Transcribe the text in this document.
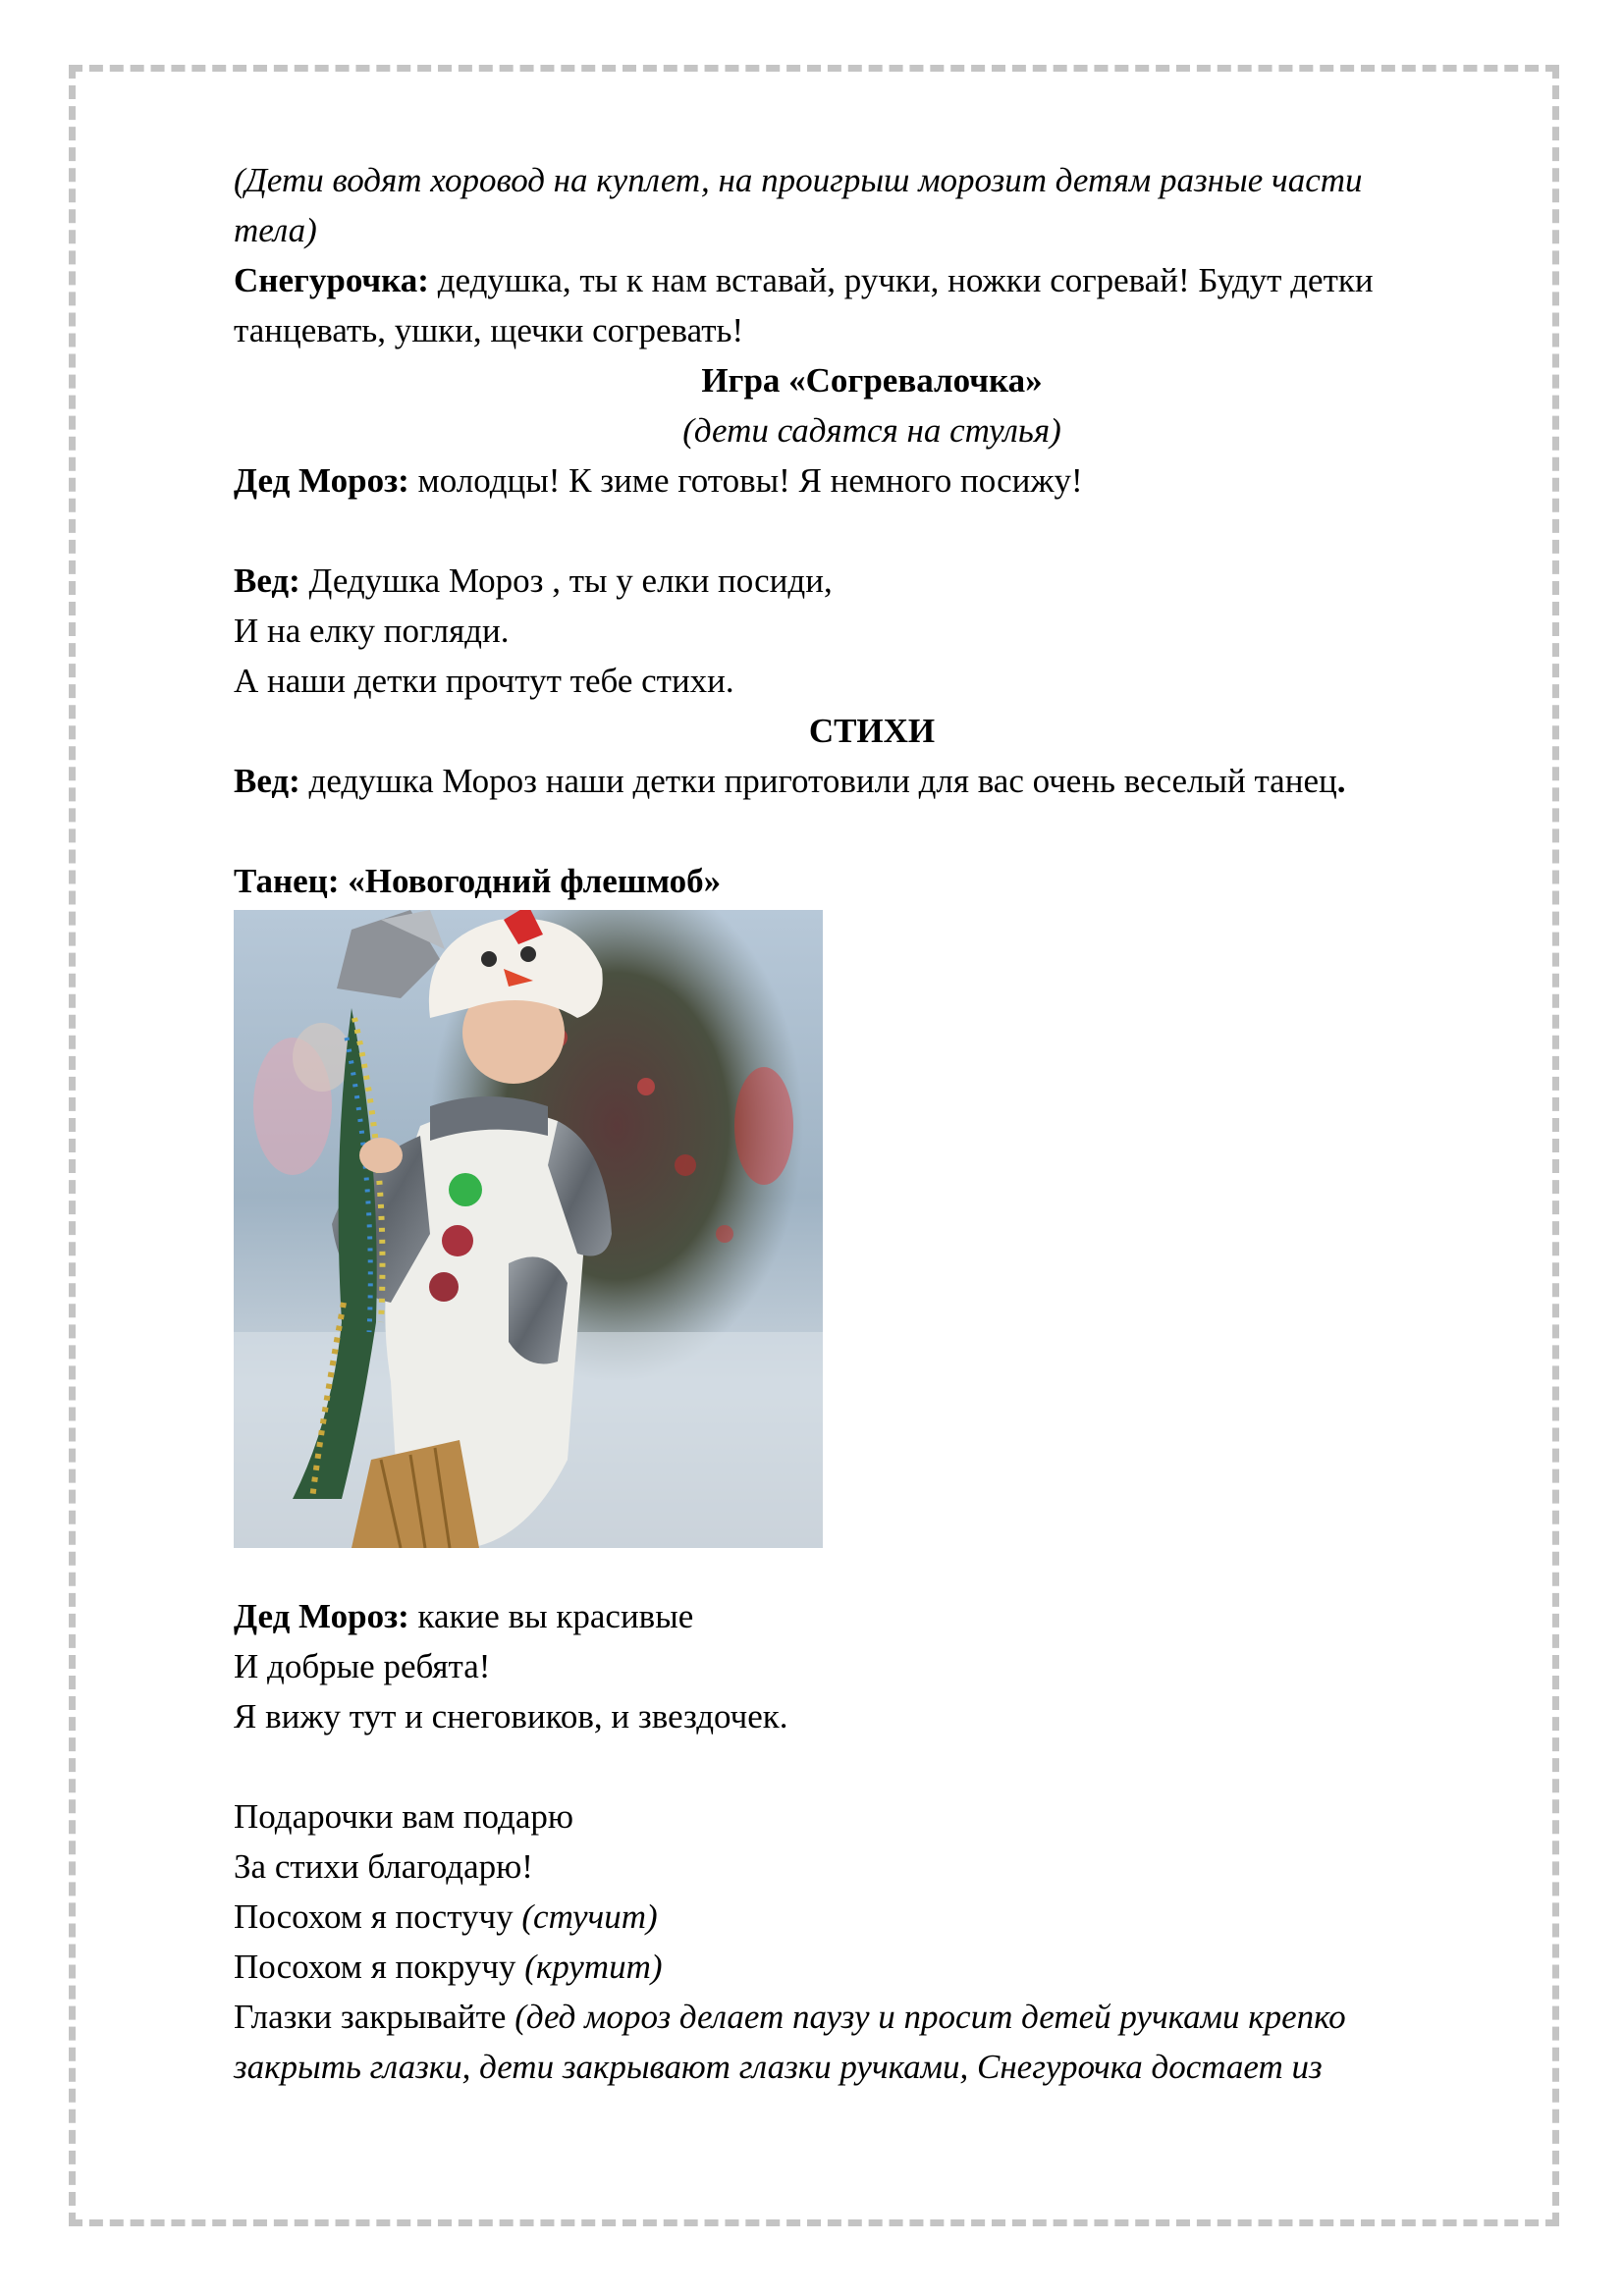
(Дети водят хоровод на куплет, на проигрыш морозит детям разные части
тела)
Снегурочка: дедушка, ты к нам вставай, ручки, ножки согревай! Будут детки
танцевать, ушки, щечки согревать!
Игра «Согревалочка»
(дети садятся на стулья)
Дед Мороз: молодцы! К зиме готовы! Я немного посижу!
Вед: Дедушка Мороз , ты у елки посиди,
И на елку погляди.
А наши детки прочтут тебе стихи.
СТИХИ
Вед: дедушка Мороз наши детки приготовили для вас очень веселый танец.
Танец: «Новогодний флешмоб»
Дед Мороз: какие вы красивые
И добрые ребята!
Я вижу тут и снеговиков, и звездочек.
Подарочки вам подарю
За стихи благодарю!
Посохом я постучу (стучит)
Посохом я покручу (крутит)
Глазки закрывайте (дед мороз делает паузу и просит детей ручками крепко
закрыть глазки, дети закрывают глазки ручками, Снегурочка достает из
